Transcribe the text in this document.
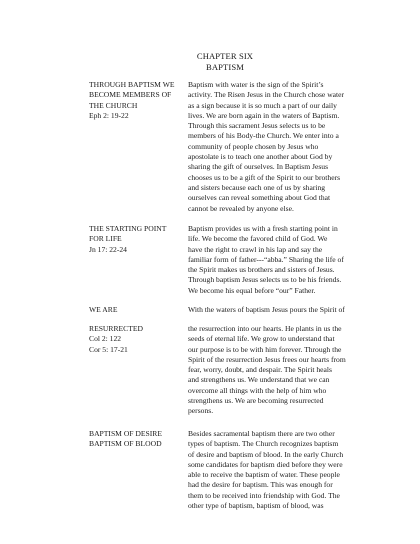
CHAPTER SIX
BAPTISM
THROUGH BAPTISM WE
BECOME MEMBERS OF
THE CHURCH
Eph 2: 19-22
Baptism with water is the sign of the Spirit’s
activity. The Risen Jesus in the Church chose water
as a sign because it is so much a part of our daily
lives. We are born again in the waters of Baptism.
Through this sacrament Jesus selects us to be
members of his Body-the Church. We enter into a
community of people chosen by Jesus who
apostolate is to teach one another about God by
sharing the gift of ourselves. In Baptism Jesus
chooses us to be a gift of the Spirit to our brothers
and sisters because each one of us by sharing
ourselves can reveal something about God that
cannot be revealed by anyone else.
THE STARTING POINT
FOR LIFE
Jn 17: 22-24
Baptism provides us with a fresh starting point in
life. We become the favored child of God. We
have the right to crawl in his lap and say the
familiar form of father---“abba.” Sharing the life of
the Spirit makes us brothers and sisters of Jesus.
Through baptism Jesus selects us to be his friends.
We become his equal before “our” Father.
WE ARE	With the waters of baptism Jesus pours the Spirit of
RESURRECTED
Col 2: 122
Cor 5: 17-21
the resurrection into our hearts. He plants in us the
seeds of eternal life. We grow to understand that
our purpose is to be with him forever. Through the
Spirit of the resurrection Jesus frees our hearts from
fear, worry, doubt, and despair. The Spirit heals
and strengthens us. We understand that we can
overcome all things with the help of him who
strengthens us. We are becoming resurrected
persons.
BAPTISM OF DESIRE
BAPTISM OF BLOOD
Besides sacramental baptism there are two other
types of baptism. The Church recognizes baptism
of desire and baptism of blood. In the early Church
some candidates for baptism died before they were
able to receive the baptism of water. These people
had the desire for baptism. This was enough for
them to be received into friendship with God. The
other type of baptism, baptism of blood, was
